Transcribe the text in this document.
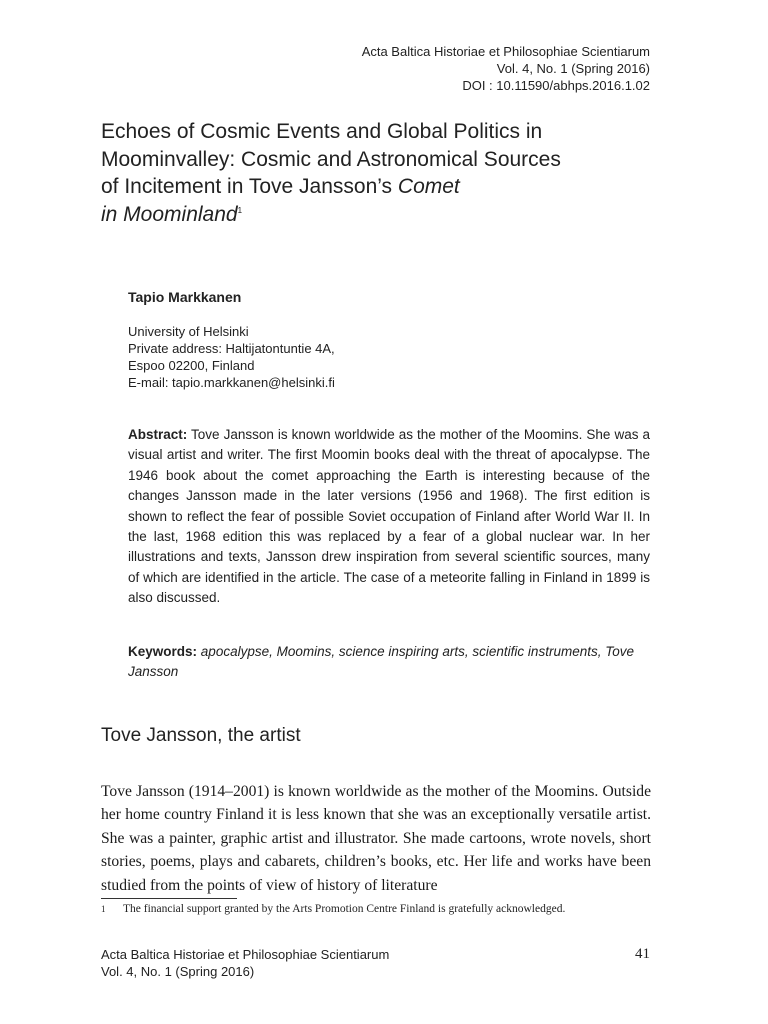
Acta Baltica Historiae et Philosophiae Scientiarum
Vol. 4, No. 1 (Spring 2016)
DOI : 10.11590/abhps.2016.1.02
Echoes of Cosmic Events and Global Politics in
Moominvalley: Cosmic and Astronomical Sources
of Incitement in Tove Jansson’s Comet
in Moominland$^1$
Tapio Markkanen
University of Helsinki
Private address: Haltijatontuntie 4A,
Espoo 02200, Finland
E-mail: tapio.markkanen@helsinki.fi

Abstract: Tove Jansson is known worldwide as the mother of the Moomins. She was a visual artist and writer. The first Moomin books deal with the threat of apocalypse. The 1946 book about the comet approaching the Earth is interesting because of the changes Jansson made in the later versions (1956 and 1968). The first edition is shown to reflect the fear of possible Soviet occupation of Finland after World War II. In the last, 1968 edition this was replaced by a fear of a global nuclear war. In her illustrations and texts, Jansson drew inspiration from several scientific sources, many of which are identified in the article. The case of a meteorite falling in Finland in 1899 is also discussed.

Keywords: apocalypse, Moomins, science inspiring arts, scientific instruments, Tove Jansson

Tove Jansson, the artist

Tove Jansson (1914–2001) is known worldwide as the mother of the Moomins. Outside her home country Finland it is less known that she was an exceptionally versatile artist. She was a painter, graphic artist and illustrator. She made cartoons, wrote novels, short stories, poems, plays and cabarets, children’s books, etc. Her life and works have been studied from the points of view of history of literature

1 The financial support granted by the Arts Promotion Centre Finland is gratefully acknowledged.
Acta Baltica Historiae et Philosophiae Scientiarum
Vol. 4, No. 1 (Spring 2016)
41
